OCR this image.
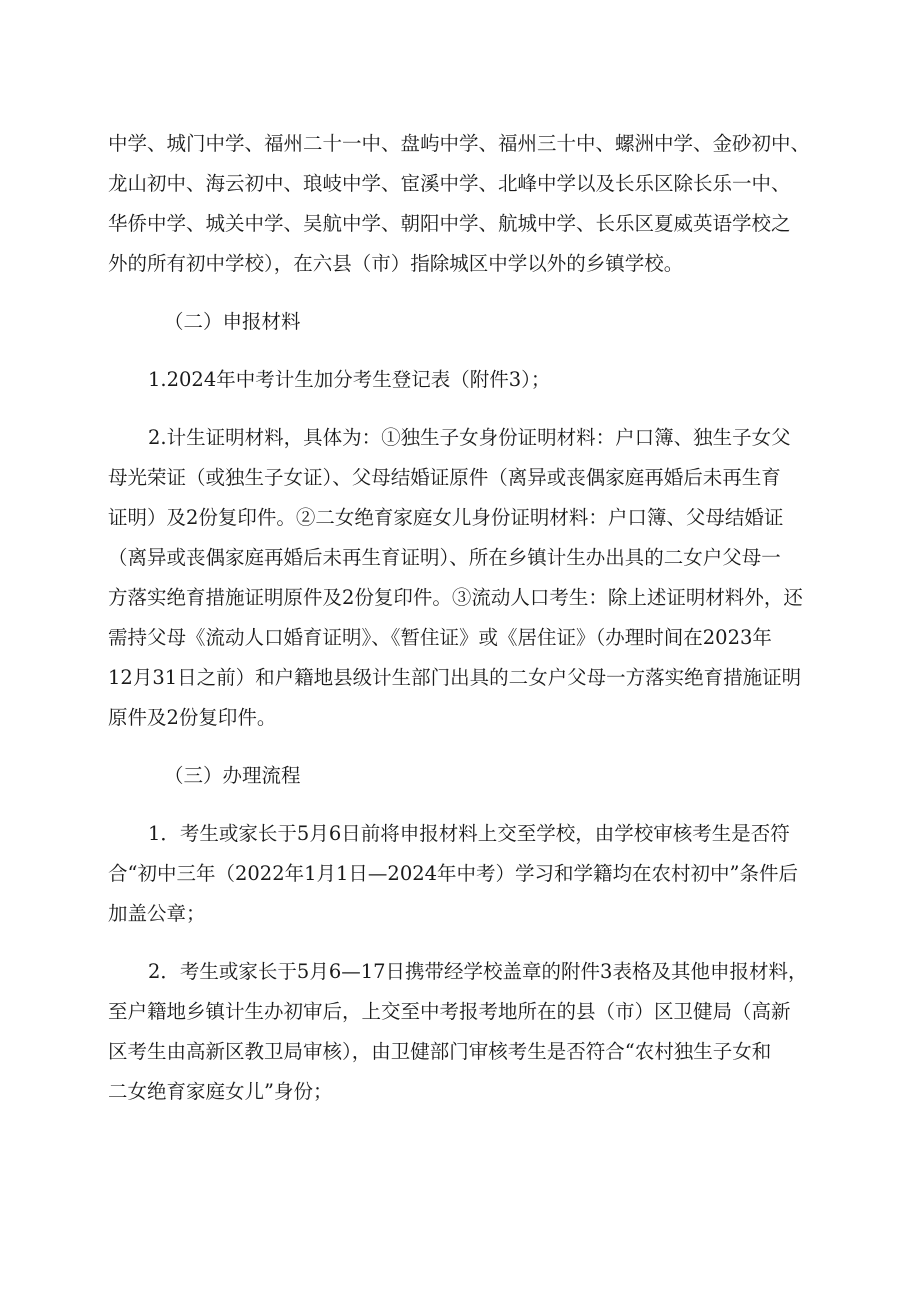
中学、城门中学、福州二十一中、盘屿中学、福州三十中、螺洲中学、金砂初中、
龙山初中、海云初中、琅岐中学、宦溪中学、北峰中学以及长乐区除长乐一中、
华侨中学、城关中学、吴航中学、朝阳中学、航城中学、长乐区夏威英语学校之
外的所有初中学校），在六县（市）指除城区中学以外的乡镇学校。
（二）申报材料
1.2024年中考计生加分考生登记表（附件3）；
2.计生证明材料，具体为：①独生子女身份证明材料：户口簿、独生子女父
母光荣证（或独生子女证）、父母结婚证原件（离异或丧偶家庭再婚后未再生育
证明）及2份复印件。②二女绝育家庭女儿身份证明材料：户口簿、父母结婚证
（离异或丧偶家庭再婚后未再生育证明）、所在乡镇计生办出具的二女户父母一
方落实绝育措施证明原件及2份复印件。③流动人口考生：除上述证明材料外，还
需持父母《流动人口婚育证明》、《暂住证》或《居住证》（办理时间在2023年
12月31日之前）和户籍地县级计生部门出具的二女户父母一方落实绝育措施证明
原件及2份复印件。
（三）办理流程
1．考生或家长于5月6日前将申报材料上交至学校，由学校审核考生是否符
合“初中三年（2022年1月1日—2024年中考）学习和学籍均在农村初中”条件后
加盖公章；
2．考生或家长于5月6—17日携带经学校盖章的附件3表格及其他申报材料，
至户籍地乡镇计生办初审后，上交至中考报考地所在的县（市）区卫健局（高新
区考生由高新区教卫局审核），由卫健部门审核考生是否符合“农村独生子女和
二女绝育家庭女儿”身份；
